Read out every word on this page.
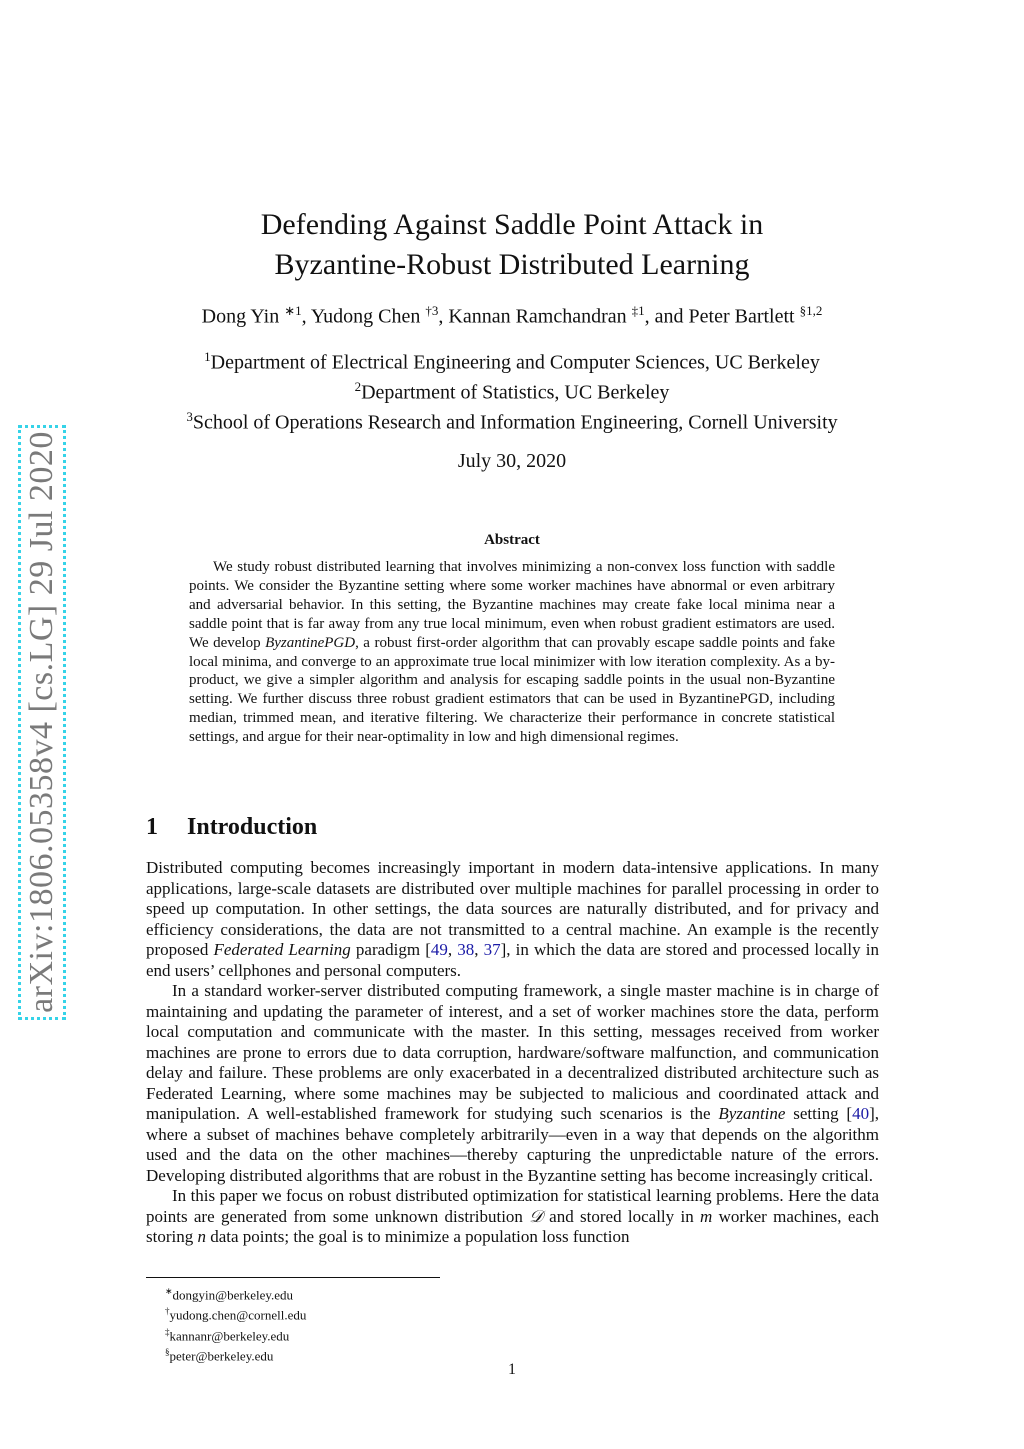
arXiv:1806.05358v4 [cs.LG] 29 Jul 2020
Defending Against Saddle Point Attack in
Byzantine-Robust Distributed Learning
Dong Yin $^{∗1}$, Yudong Chen $^{\dagger 3}$, Kannan Ramchandran $^{\ddagger 1}$, and Peter Bartlett $^{\S 1,2}$
$^1$Department of Electrical Engineering and Computer Sciences, UC Berkeley
$^2$Department of Statistics, UC Berkeley
$^3$School of Operations Research and Information Engineering, Cornell University
July 30, 2020
Abstract
We study robust distributed learning that involves minimizing a non-convex loss function with saddle points. We consider the Byzantine setting where some worker machines have abnormal or even arbitrary and adversarial behavior. In this setting, the Byzantine machines may create fake local minima near a saddle point that is far away from any true local minimum, even when robust gradient estimators are used. We develop ByzantinePGD, a robust first-order algorithm that can provably escape saddle points and fake local minima, and converge to an approximate true local minimizer with low iteration complexity. As a by-product, we give a simpler algorithm and analysis for escaping saddle points in the usual non-Byzantine setting. We further discuss three robust gradient estimators that can be used in ByzantinePGD, including median, trimmed mean, and iterative filtering. We characterize their performance in concrete statistical settings, and argue for their near-optimality in low and high dimensional regimes.
1 Introduction

Distributed computing becomes increasingly important in modern data-intensive applications. In many applications, large-scale datasets are distributed over multiple machines for parallel processing in order to speed up computation. In other settings, the data sources are naturally distributed, and for privacy and efficiency considerations, the data are not transmitted to a central machine. An example is the recently proposed Federated Learning paradigm [49, 38, 37], in which the data are stored and processed locally in end users’ cellphones and personal computers.

In a standard worker-server distributed computing framework, a single master machine is in charge of maintaining and updating the parameter of interest, and a set of worker machines store the data, perform local computation and communicate with the master. In this setting, messages received from worker machines are prone to errors due to data corruption, hardware/software malfunction, and communication delay and failure. These problems are only exacerbated in a decentralized distributed architecture such as Federated Learning, where some machines may be subjected to malicious and coordinated attack and manipulation. A well-established framework for studying such scenarios is the Byzantine setting [40], where a subset of machines behave completely arbitrarily—even in a way that depends on the algorithm used and the data on the other machines—thereby capturing the unpredictable nature of the errors. Developing distributed algorithms that are robust in the Byzantine setting has become increasingly critical.

In this paper we focus on robust distributed optimization for statistical learning problems. Here the data points are generated from some unknown distribution 𝒟 and stored locally in m worker machines, each storing n data points; the goal is to minimize a population loss function

∗dongyin@berkeley.edu
†yudong.chen@cornell.edu
‡kannanr@berkeley.edu
§peter@berkeley.edu
1
